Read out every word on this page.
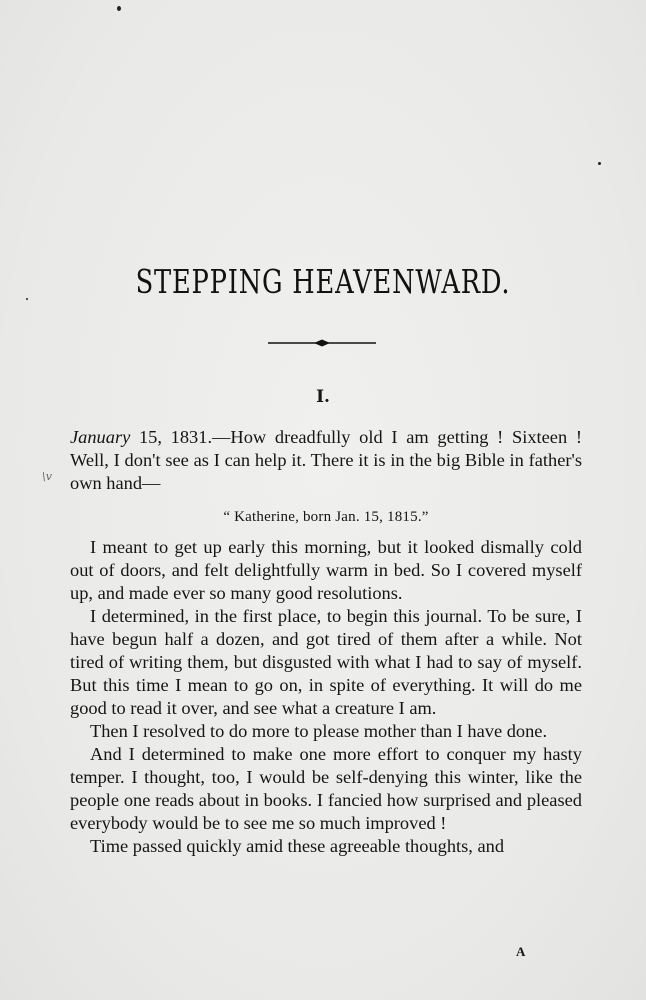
STEPPING HEAVENWARD.
I.
\v

January 15, 1831.—How dreadfully old I am getting ! Sixteen ! Well, I don't see as I can help it. There it is in the big Bible in father's own hand—

“ Katherine, born Jan. 15, 1815.”

I meant to get up early this morning, but it looked dismally cold out of doors, and felt delightfully warm in bed. So I covered myself up, and made ever so many good resolutions.

I determined, in the first place, to begin this journal. To be sure, I have begun half a dozen, and got tired of them after a while. Not tired of writing them, but disgusted with what I had to say of myself. But this time I mean to go on, in spite of everything. It will do me good to read it over, and see what a creature I am.

Then I resolved to do more to please mother than I have done.

And I determined to make one more effort to conquer my hasty temper. I thought, too, I would be self-denying this winter, like the people one reads about in books. I fancied how surprised and pleased everybody would be to see me so much improved !

Time passed quickly amid these agreeable thoughts, and

A
